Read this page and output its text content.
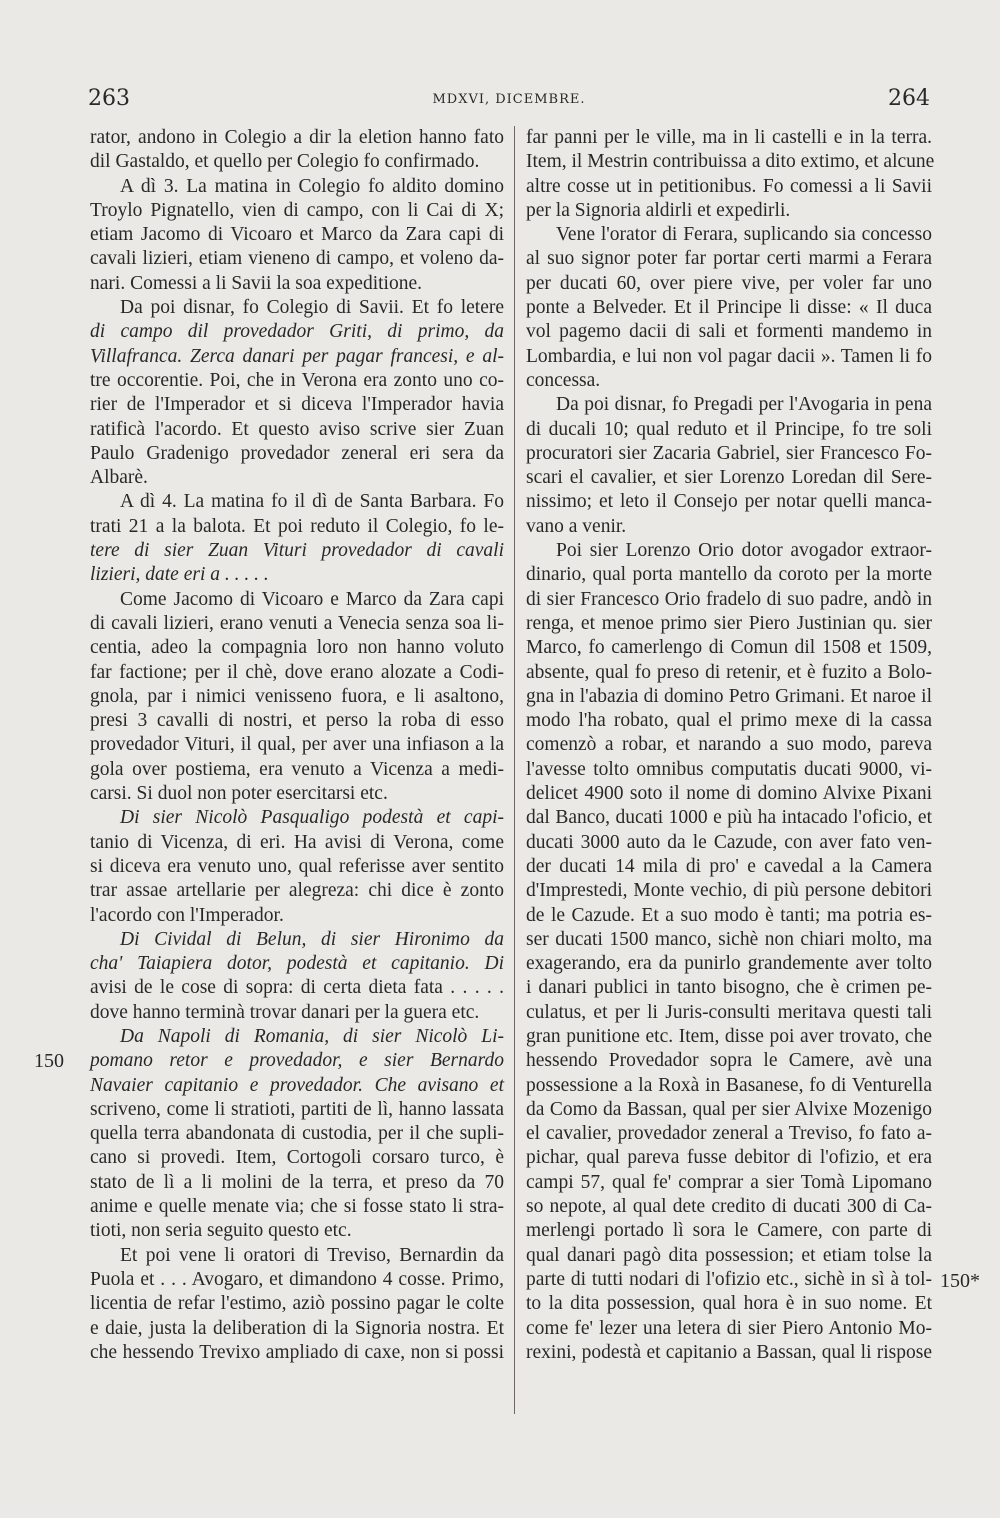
263	MDXVI, DICEMBRE.	264
rator, andono in Colegio a dir la eletion hanno fato
dil Gastaldo, et quello per Colegio fo confirmado.
A dì 3. La matina in Colegio fo aldito domino
Troylo Pignatello, vien di campo, con li Cai di X;
etiam Jacomo di Vicoaro et Marco da Zara capi di
cavali lizieri, etiam vieneno di campo, et voleno da-
nari. Comessi a li Savii la soa expeditione.
Da poi disnar, fo Colegio di Savii. Et fo letere
di campo dil provedador Griti, di primo, da
Villafranca. Zerca danari per pagar francesi, e al-
tre occorentie. Poi, che in Verona era zonto uno co-
rier de l'Imperador et si diceva l'Imperador havia
ratificà l'acordo. Et questo aviso scrive sier Zuan
Paulo Gradenigo provedador zeneral eri sera da
Albarè.
A dì 4. La matina fo il dì de Santa Barbara. Fo
trati 21 a la balota. Et poi reduto il Colegio, fo le-
tere di sier Zuan Vituri provedador di cavali
lizieri, date eri a . . . . .
Come Jacomo di Vicoaro e Marco da Zara capi
di cavali lizieri, erano venuti a Venecia senza soa li-
centia, adeo la compagnia loro non hanno voluto
far factione; per il chè, dove erano alozate a Codi-
gnola, par i nimici venisseno fuora, e li asaltono,
presi 3 cavalli di nostri, et perso la roba di esso
provedador Vituri, il qual, per aver una infiason a la
gola over postiema, era venuto a Vicenza a medi-
carsi. Si duol non poter esercitarsi etc.
Di sier Nicolò Pasqualigo podestà et capi-
tanio di Vicenza, di eri. Ha avisi di Verona, come
si diceva era venuto uno, qual referisse aver sentito
trar assae artellarie per alegreza: chi dice è zonto
l'acordo con l'Imperador.
Di Cividal di Belun, di sier Hironimo da
cha' Taiapiera dotor, podestà et capitanio. Di
avisi de le cose di sopra: di certa dieta fata . . . . .
dove hanno terminà trovar danari per la guera etc.
Da Napoli di Romania, di sier Nicolò Li-
pomano retor e provedador, e sier Bernardo
Navaier capitanio e provedador. Che avisano et
scriveno, come li stratioti, partiti de lì, hanno lassata
quella terra abandonata di custodia, per il che supli-
cano si provedi. Item, Cortogoli corsaro turco, è
stato de lì a li molini de la terra, et preso da 70
anime e quelle menate via; che si fosse stato li stra-
tioti, non seria seguito questo etc.
Et poi vene li oratori di Treviso, Bernardin da
Puola et . . . Avogaro, et dimandono 4 cosse. Primo,
licentia de refar l'estimo, aziò possino pagar le colte
e daie, justa la deliberation di la Signoria nostra. Et
che hessendo Trevixo ampliado di caxe, non si possi
far panni per le ville, ma in li castelli e in la terra.
Item, il Mestrin contribuissa a dito extimo, et alcune
altre cosse ut in petitionibus. Fo comessi a li Savii
per la Signoria aldirli et expedirli.
Vene l'orator di Ferara, suplicando sia concesso
al suo signor poter far portar certi marmi a Ferara
per ducati 60, over piere vive, per voler far uno
ponte a Belveder. Et il Principe li disse: « Il duca
vol pagemo dacii di sali et formenti mandemo in
Lombardia, e lui non vol pagar dacii ». Tamen li fo
concessa.
Da poi disnar, fo Pregadi per l'Avogaria in pena
di ducali 10; qual reduto et il Principe, fo tre soli
procuratori sier Zacaria Gabriel, sier Francesco Fo-
scari el cavalier, et sier Lorenzo Loredan dil Sere-
nissimo; et leto il Consejo per notar quelli manca-
vano a venir.
Poi sier Lorenzo Orio dotor avogador extraor-
dinario, qual porta mantello da coroto per la morte
di sier Francesco Orio fradelo di suo padre, andò in
renga, et menoe primo sier Piero Justinian qu. sier
Marco, fo camerlengo di Comun dil 1508 et 1509,
absente, qual fo preso di retenir, et è fuzito a Bolo-
gna in l'abazia di domino Petro Grimani. Et naroe il
modo l'ha robato, qual el primo mexe di la cassa
comenzò a robar, et narando a suo modo, pareva
l'avesse tolto omnibus computatis ducati 9000, vi-
delicet 4900 soto il nome di domino Alvixe Pixani
dal Banco, ducati 1000 e più ha intacado l'oficio, et
ducati 3000 auto da le Cazude, con aver fato ven-
der ducati 14 mila di pro' e cavedal a la Camera
d'Imprestedi, Monte vechio, di più persone debitori
de le Cazude. Et a suo modo è tanti; ma potria es-
ser ducati 1500 manco, sichè non chiari molto, ma
exagerando, era da punirlo grandemente aver tolto
i danari publici in tanto bisogno, che è crimen pe-
culatus, et per li Juris-consulti meritava questi tali
gran punitione etc. Item, disse poi aver trovato, che
hessendo Provedador sopra le Camere, avè una
possessione a la Roxà in Basanese, fo di Venturella
da Como da Bassan, qual per sier Alvixe Mozenigo
el cavalier, provedador zeneral a Treviso, fo fato a-
pichar, qual pareva fusse debitor di l'ofizio, et era
campi 57, qual fe' comprar a sier Tomà Lipomano
so nepote, al qual dete credito di ducati 300 di Ca-
merlengi portado lì sora le Camere, con parte di
qual danari pagò dita possession; et etiam tolse la
parte di tutti nodari di l'ofizio etc., sichè in sì à tol-
to la dita possession, qual hora è in suo nome. Et
come fe' lezer una letera di sier Piero Antonio Mo-
rexini, podestà et capitanio a Bassan, qual li rispose
150
150*
